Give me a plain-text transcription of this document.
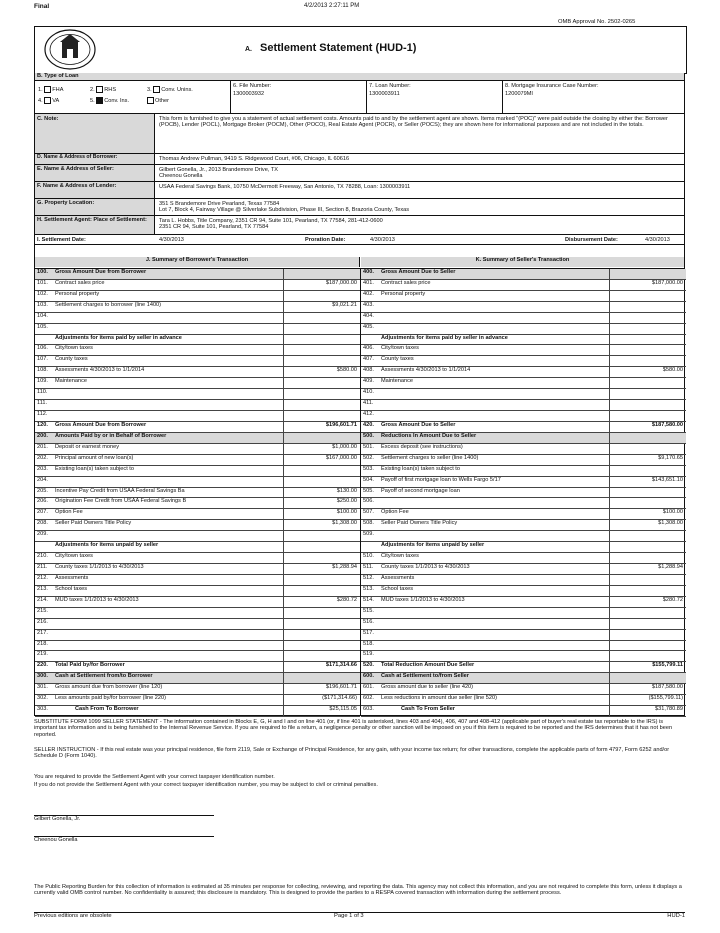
Final	4/2/2013 2:27:11 PM
OMB Approval No. 2502-0265
A. Settlement Statement (HUD-1)
B. Type of Loan
1. FHA	2. RHS	3. Conv. Unins.
4. VA	5. Conv. Ins.	Other
6. File Number:
1300003932
7. Loan Number:
1300003911
8. Mortgage Insurance Case Number:
1200079MI
C. Note:	This form is furnished to give you a statement of actual settlement costs. Amounts paid to and by the settlement agent are shown. Items marked "(POC)" were paid outside the closing by either the: Borrower (POCB), Lender (POCL), Mortgage Broker (POCM), Other (POCO), Real Estate Agent (POCR), or Seller (POCS); they are shown here for informational purposes and are not included in the totals.
D. Name & Address of Borrower:	Thomas Andrew Pullman, 9419 S. Ridgewood Court, #06, Chicago, IL 60616
E. Name & Address of Seller:	Gilbert Gonella, Jr., 2013 Brandemore Drive, TX
Cheenou Gonella
F. Name & Address of Lender:	USAA Federal Savings Bank, 10750 McDermott Freeway, San Antonio, TX 78288, Loan: 1300003911
G. Property Location:	351 S Brandemore Drive Pearland, Texas 77584
Lot 7, Block 4, Fairway Village @ Silverlake Subdivision, Phase III, Section 8, Brazoria County, Texas
H. Settlement Agent: Place of Settlement:	Tara L. Hobbs, Title Company, 2351 CR 94, Suite 101, Pearland, TX 77584, 281-412-0600
2351 CR 94, Suite 101, Pearland, TX 77584
I. Settlement Date:	4/30/2013	Proration Date:	4/30/2013	Disbursement Date:	4/30/2013
J. Summary of Borrower's Transaction	K. Summary of Seller's Transaction
100. Gross Amount Due from Borrower
101. Contract sales price	$187,000.00
102. Personal property
103. Settlement charges to borrower (line 1400)	$9,021.21
104.
105.
Adjustments for items paid by seller in advance
106. City/town taxes
107. County taxes
108. Assessments 4/30/2013 to 1/1/2014	$580.00
109. Maintenance
110.
111.
112.
120. Gross Amount Due from Borrower	$196,601.71
200. Amounts Paid by or in Behalf of Borrower
201. Deposit or earnest money	$1,000.00
202. Principal amount of new loan(s)	$167,000.00
203. Existing loan(s) taken subject to
204.
205. Incentive Pay Credit from USAA Federal Savings Ba	$130.00
206. Origination Fee Credit from USAA Federal Savings B	$250.00
207. Option Fee	$100.00
208. Seller Paid Owners Title Policy	$1,308.00
209.
Adjustments for items unpaid by seller
210. City/town taxes
211. County taxes 1/1/2013 to 4/30/2013	$1,288.94
212. Assessments
213. School taxes
214. MUD taxes 1/1/2013 to 4/30/2013	$280.72
215.
216.
217.
218.
219.
220. Total Paid by/for Borrower	$171,314.66
300. Cash at Settlement from/to Borrower
301. Gross amount due from borrower (line 120)	$196,601.71
302. Less amounts paid by/for borrower (line 220)	($171,314.66)
303.	Cash From To Borrower	$25,115.05
400. Gross Amount Due to Seller
401. Contract sales price	$187,000.00
402. Personal property
403.
404.
405.
Adjustments for items paid by seller in advance
406. City/town taxes
407. County taxes
408. Assessments 4/30/2013 to 1/1/2014	$580.00
409. Maintenance
410.
411.
412.
420. Gross Amount Due to Seller	$187,580.00
500. Reductions In Amount Due to Seller
501. Excess deposit (see instructions)
502. Settlement charges to seller (line 1400)	$9,170.65
503. Existing loan(s) taken subject to
504. Payoff of first mortgage loan to Wells Fargo 5/17	$143,651.10
505. Payoff of second mortgage loan
506.
507. Option Fee	$100.00
508. Seller Paid Owners Title Policy	$1,308.00
509.
Adjustments for items unpaid by seller
510. City/town taxes
511. County taxes 1/1/2013 to 4/30/2013	$1,288.94
512. Assessments
513. School taxes
514. MUD taxes 1/1/2013 to 4/30/2013	$280.72
515.
516.
517.
518.
519.
520. Total Reduction Amount Due Seller	$155,799.11
600. Cash at Settlement to/from Seller
601. Gross amount due to seller (line 420)	$187,580.00
602. Less reductions in amount due seller (line 520)	($155,799.11)
603.	Cash To From Seller	$31,780.89
SUBSTITUTE FORM 1099 SELLER STATEMENT - The information contained in Blocks E, G, H and I and on line 401 (or, if line 401 is asterisked, lines 403 and 404), 406, 407 and 408-412 (applicable part of buyer's real estate tax reportable to the IRS) is important tax information and is being furnished to the Internal Revenue Service. If you are required to file a return, a negligence penalty or other sanction will be imposed on you if this item is required to be reported and the IRS determines that it has not been reported.
SELLER INSTRUCTION - If this real estate was your principal residence, file form 2119, Sale or Exchange of Principal Residence, for any gain, with your income tax return; for other transactions, complete the applicable parts of form 4797, Form 6252 and/or Schedule D (Form 1040).
You are required to provide the Settlement Agent with your correct taxpayer identification number.
If you do not provide the Settlement Agent with your correct taxpayer identification number, you may be subject to civil or criminal penalties.
Gilbert Gonella, Jr.
Cheenou Gonella
The Public Reporting Burden for this collection of information is estimated at 35 minutes per response for collecting, reviewing, and reporting the data. This agency may not collect this information, and you are not required to complete this form, unless it displays a currently valid OMB control number. No confidentiality is assured; this disclosure is mandatory. This is designed to provide the parties to a RESPA covered transaction with information during the settlement process.
Previous editions are obsolete	Page 1 of 3	HUD-1
